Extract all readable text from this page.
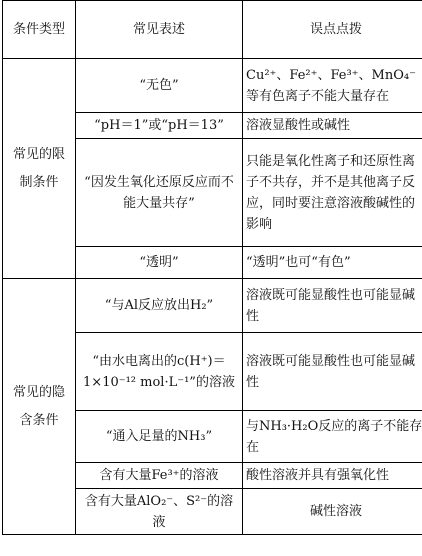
条件类型	常见表述	误点点拨

常见的限制条件	“无色”	Cu²⁺、Fe²⁺、Fe³⁺、MnO₄⁻等有色离子不能大量存在
	“pH＝1”或“pH＝13”	溶液显酸性或碱性
	“因发生氧化还原反应而不能大量共存”	只能是氧化性离子和还原性离子不共存，并不是其他离子反应，同时要注意溶液酸碱性的影响
	“透明”	“透明”也可“有色”

常见的隐含条件	“与Al反应放出H₂”	溶液既可能显酸性也可能显碱性
	“由水电离出的c(H⁺)＝1×10⁻¹² mol·L⁻¹”的溶液	溶液既可能显酸性也可能显碱性
	“通入足量的NH₃”	与NH₃·H₂O反应的离子不能存在
	含有大量Fe³⁺的溶液	酸性溶液并具有强氧化性
	含有大量AlO₂⁻、S²⁻的溶液	碱性溶液
